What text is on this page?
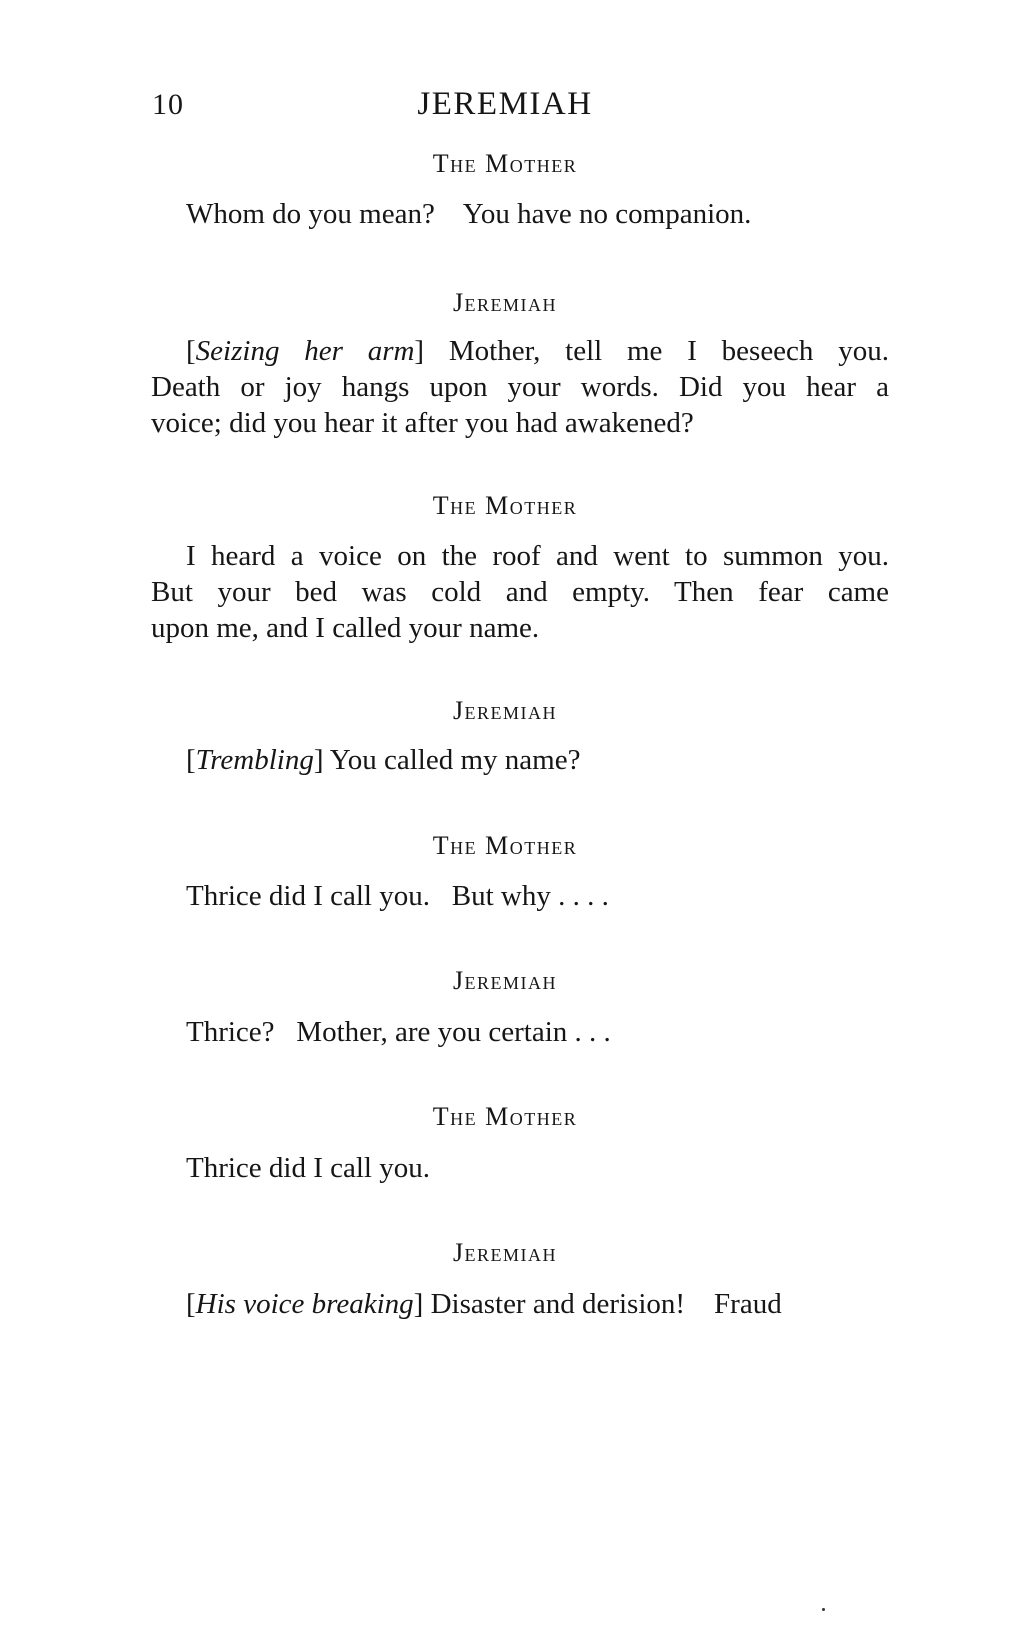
10	JEREMIAH
The Mother
Whom do you mean?    You have no companion.
Jeremiah
[Seizing her arm] Mother, tell me I beseech you.
Death or joy hangs upon your words. Did you hear a
voice; did you hear it after you had awakened?
The Mother
I heard a voice on the roof and went to summon you.
But your bed was cold and empty. Then fear came
upon me, and I called your name.
Jeremiah
[Trembling] You called my name?
The Mother
Thrice did I call you.   But why . . . .
Jeremiah
Thrice?   Mother, are you certain . . .
The Mother
Thrice did I call you.
Jeremiah
[His voice breaking] Disaster and derision!    Fraud
